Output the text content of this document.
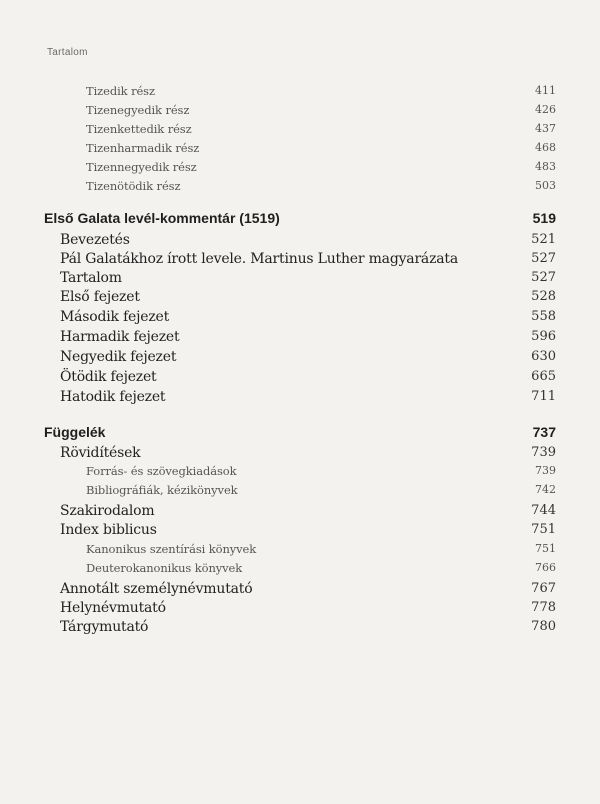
Tartalom
Tizedik rész	411
Tizenegyedik rész	426
Tizenkettedik rész	437
Tizenharmadik rész	468
Tizennegyedik rész	483
Tizenötödik rész	503
Első Galata levél-kommentár (1519)	519
Bevezetés	521
Pál Galatákhoz írott levele. Martinus Luther magyarázata	527
Tartalom	527
Első fejezet	528
Második fejezet	558
Harmadik fejezet	596
Negyedik fejezet	630
Ötödik fejezet	665
Hatodik fejezet	711
Függelék	737
Rövidítések	739
Forrás- és szövegkiadások	739
Bibliográfiák, kézikönyvek	742
Szakirodalom	744
Index biblicus	751
Kanonikus szentírási könyvek	751
Deuterokanonikus könyvek	766
Annotált személynévmutató	767
Helynévmutató	778
Tárgymutató	780
